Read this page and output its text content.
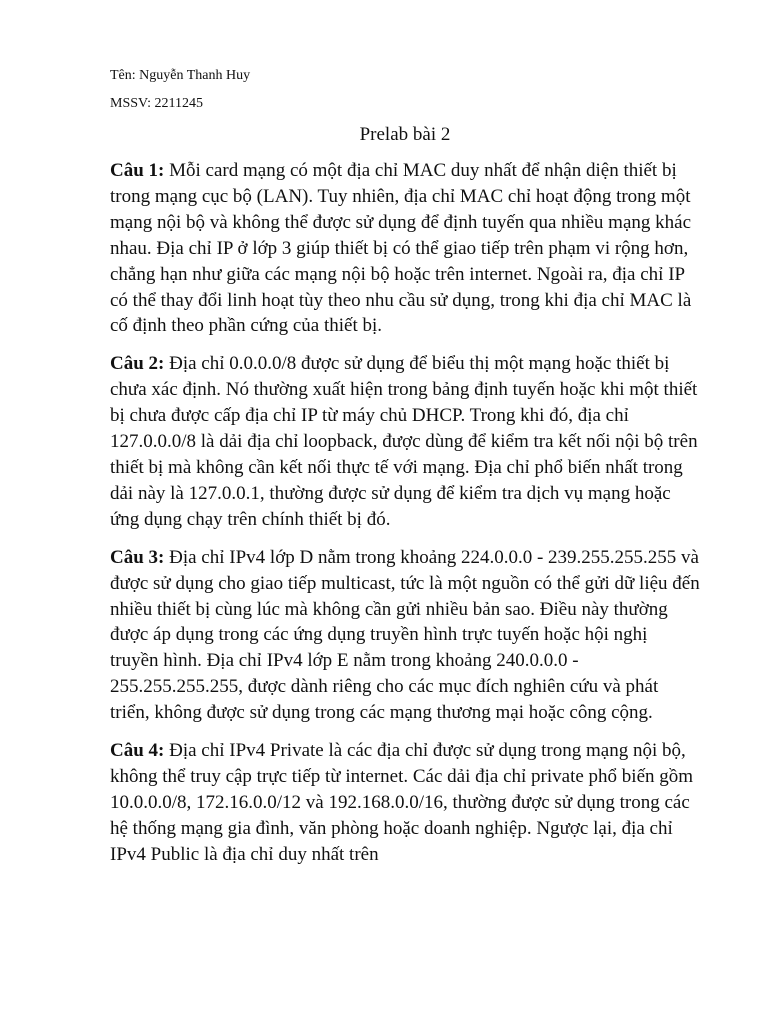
Tên: Nguyễn Thanh Huy

MSSV: 2211245

Prelab bài 2

Câu 1: Mỗi card mạng có một địa chỉ MAC duy nhất để nhận diện thiết bị trong mạng cục bộ (LAN). Tuy nhiên, địa chỉ MAC chỉ hoạt động trong một mạng nội bộ và không thể được sử dụng để định tuyến qua nhiều mạng khác nhau. Địa chỉ IP ở lớp 3 giúp thiết bị có thể giao tiếp trên phạm vi rộng hơn, chẳng hạn như giữa các mạng nội bộ hoặc trên internet. Ngoài ra, địa chỉ IP có thể thay đổi linh hoạt tùy theo nhu cầu sử dụng, trong khi địa chỉ MAC là cố định theo phần cứng của thiết bị.

Câu 2: Địa chỉ 0.0.0.0/8 được sử dụng để biểu thị một mạng hoặc thiết bị chưa xác định. Nó thường xuất hiện trong bảng định tuyến hoặc khi một thiết bị chưa được cấp địa chỉ IP từ máy chủ DHCP. Trong khi đó, địa chỉ 127.0.0.0/8 là dải địa chỉ loopback, được dùng để kiểm tra kết nối nội bộ trên thiết bị mà không cần kết nối thực tế với mạng. Địa chỉ phổ biến nhất trong dải này là 127.0.0.1, thường được sử dụng để kiểm tra dịch vụ mạng hoặc ứng dụng chạy trên chính thiết bị đó.

Câu 3: Địa chỉ IPv4 lớp D nằm trong khoảng 224.0.0.0 - 239.255.255.255 và được sử dụng cho giao tiếp multicast, tức là một nguồn có thể gửi dữ liệu đến nhiều thiết bị cùng lúc mà không cần gửi nhiều bản sao. Điều này thường được áp dụng trong các ứng dụng truyền hình trực tuyến hoặc hội nghị truyền hình. Địa chỉ IPv4 lớp E nằm trong khoảng 240.0.0.0 - 255.255.255.255, được dành riêng cho các mục đích nghiên cứu và phát triển, không được sử dụng trong các mạng thương mại hoặc công cộng.

Câu 4: Địa chỉ IPv4 Private là các địa chỉ được sử dụng trong mạng nội bộ, không thể truy cập trực tiếp từ internet. Các dải địa chỉ private phổ biến gồm 10.0.0.0/8, 172.16.0.0/12 và 192.168.0.0/16, thường được sử dụng trong các hệ thống mạng gia đình, văn phòng hoặc doanh nghiệp. Ngược lại, địa chỉ IPv4 Public là địa chỉ duy nhất trên
